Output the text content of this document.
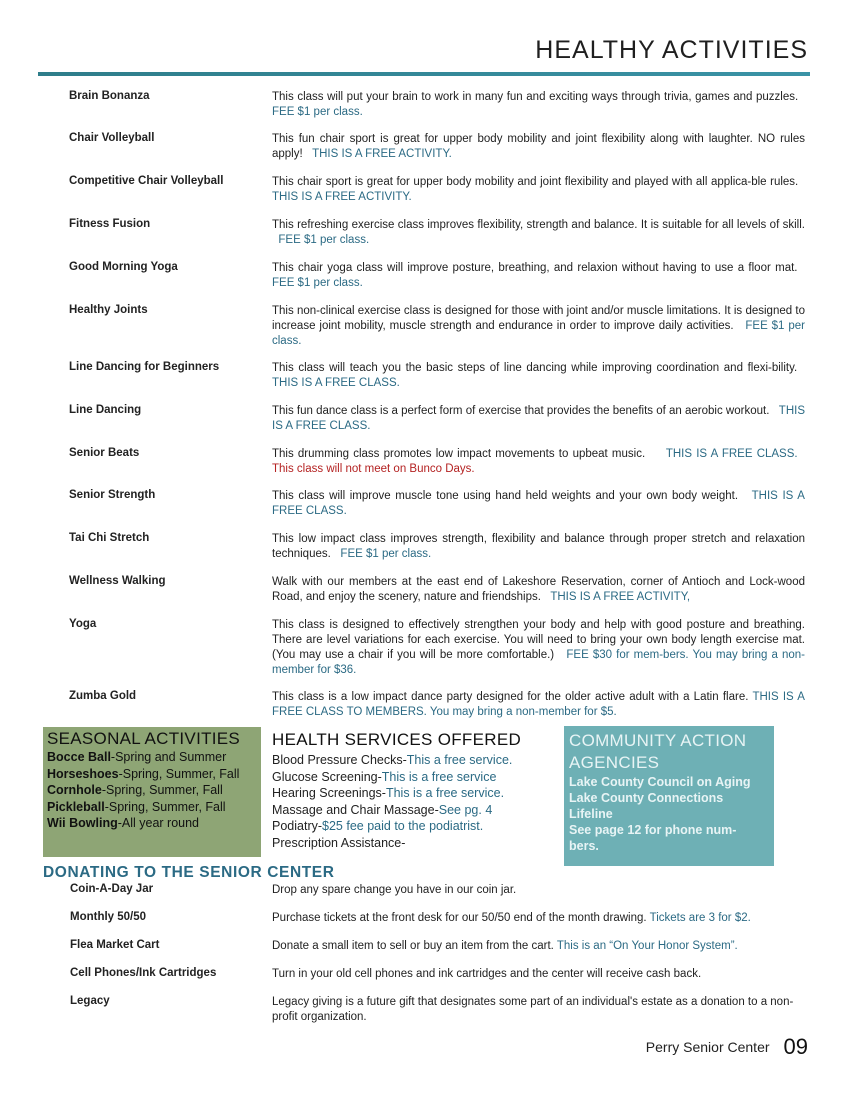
HEALTHY ACTIVITIES
Brain Bonanza	This class will put your brain to work in many fun and exciting ways through trivia, games and puzzles.   FEE $1 per class.
Chair Volleyball	This fun chair sport is great for upper body mobility and joint flexibility along with laughter. NO rules apply! THIS IS A FREE ACTIVITY.
Competitive Chair Volleyball	This chair sport is great for upper body mobility and joint flexibility and played with all applica-ble rules.   THIS IS A FREE ACTIVITY.
Fitness Fusion	This refreshing exercise class improves flexibility, strength and balance. It is suitable for all levels of skill.   FEE $1 per class.
Good Morning Yoga	This chair yoga class will improve posture, breathing, and relaxion without having to use a floor mat.   FEE $1 per class.
Healthy Joints	This non-clinical exercise class is designed for those with joint and/or muscle limitations. It is designed to increase joint mobility, muscle strength and endurance in order to improve daily activities. FEE $1 per class.
Line Dancing for Beginners	This class will teach you the basic steps of line dancing while improving coordination and flexi-bility.   THIS IS A FREE CLASS.
Line Dancing	This fun dance class is a perfect form of exercise that provides the benefits of an aerobic workout. THIS IS A FREE CLASS.
Senior Beats	This drumming class promotes low impact movements to upbeat music. THIS IS A FREE CLASS.   This class will not meet on Bunco Days.
Senior Strength	This class will improve muscle tone using hand held weights and your own body weight. THIS IS A FREE CLASS.
Tai Chi Stretch	This low impact class improves strength, flexibility and balance through proper stretch and relaxation techniques. FEE $1 per class.
Wellness Walking	Walk with our members at the east end of Lakeshore Reservation, corner of Antioch and Lock-wood Road, and enjoy the scenery, nature and friendships. THIS IS A FREE ACTIVITY,
Yoga	This class is designed to effectively strengthen your body and help with good posture and breathing. There are level variations for each exercise. You will need to bring your own body length exercise mat. (You may use a chair if you will be more comfortable.) FEE $30 for mem-bers. You may bring a non-member for $36.
Zumba Gold	This class is a low impact dance party designed for the older active adult with a Latin flare. THIS IS A FREE CLASS TO MEMBERS. You may bring a non-member for $5.
SEASONAL ACTIVITIES
Bocce Ball-Spring and Summer
Horseshoes-Spring, Summer, Fall
Cornhole-Spring, Summer, Fall
Pickleball-Spring, Summer, Fall
Wii Bowling-All year round
HEALTH SERVICES OFFERED
Blood Pressure Checks-This a free service.
Glucose Screening-This is a free service
Hearing Screenings-This is a free service.
Massage and Chair Massage-See pg. 4
Podiatry-$25 fee paid to the podiatrist.
Prescription Assistance-
COMMUNITY ACTION
AGENCIES
Lake County Council on Aging
Lake County Connections
Lifeline
See page 12 for phone num-
bers.
DONATING TO THE SENIOR CENTER
Coin-A-Day Jar	Drop any spare change you have in our coin jar.
Monthly 50/50	Purchase tickets at the front desk for our 50/50 end of the month drawing. Tickets are 3 for $2.
Flea Market Cart	Donate a small item to sell or buy an item from the cart. This is an “On Your Honor System”.
Cell Phones/Ink Cartridges	Turn in your old cell phones and ink cartridges and the center will receive cash back.
Legacy	Legacy giving is a future gift that designates some part of an individual's estate as a donation to a non-profit organization.
Perry Senior Center 09
